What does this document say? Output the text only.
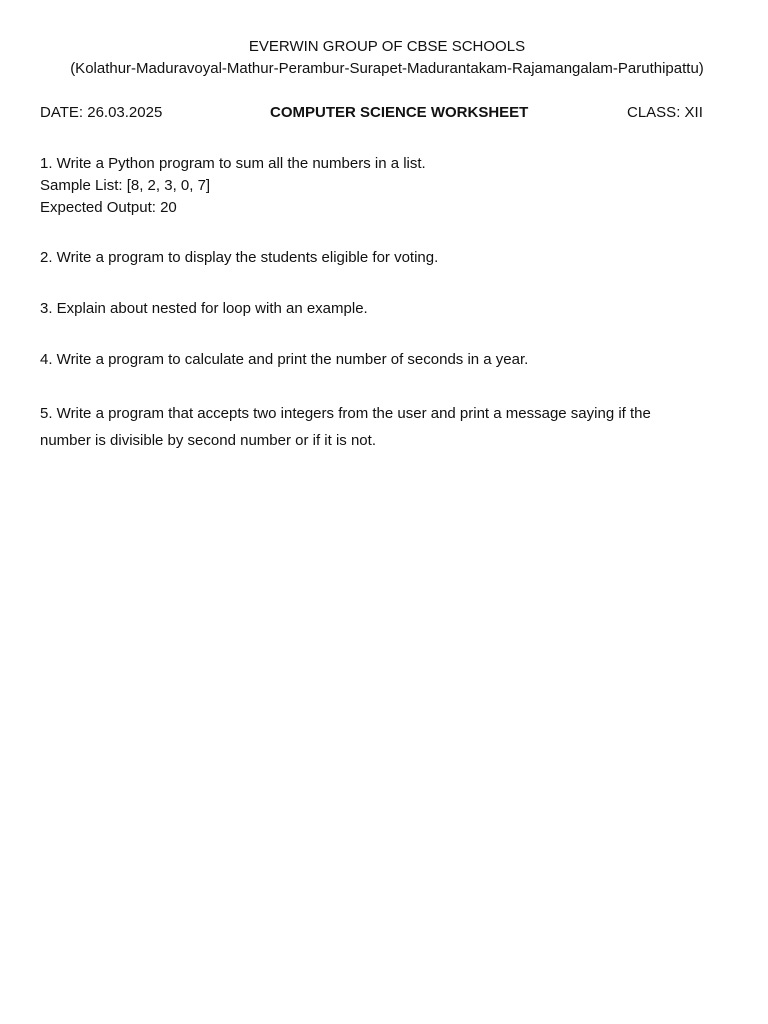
EVERWIN GROUP OF CBSE SCHOOLS
(Kolathur-Maduravoyal-Mathur-Perambur-Surapet-Madurantakam-Rajamangalam-Paruthipattu)
DATE: 26.03.2025	COMPUTER SCIENCE WORKSHEET	CLASS: XII
1. Write a Python program to sum all the numbers in a list.
Sample List: [8, 2, 3, 0, 7]
Expected Output: 20
2. Write a program to display the students eligible for voting.
3. Explain about nested for loop with an example.
4. Write a program to calculate and print the number of seconds in a year.
5. Write a program that accepts two integers from the user and print a message saying if the
number is divisible by second number or if it is not.
